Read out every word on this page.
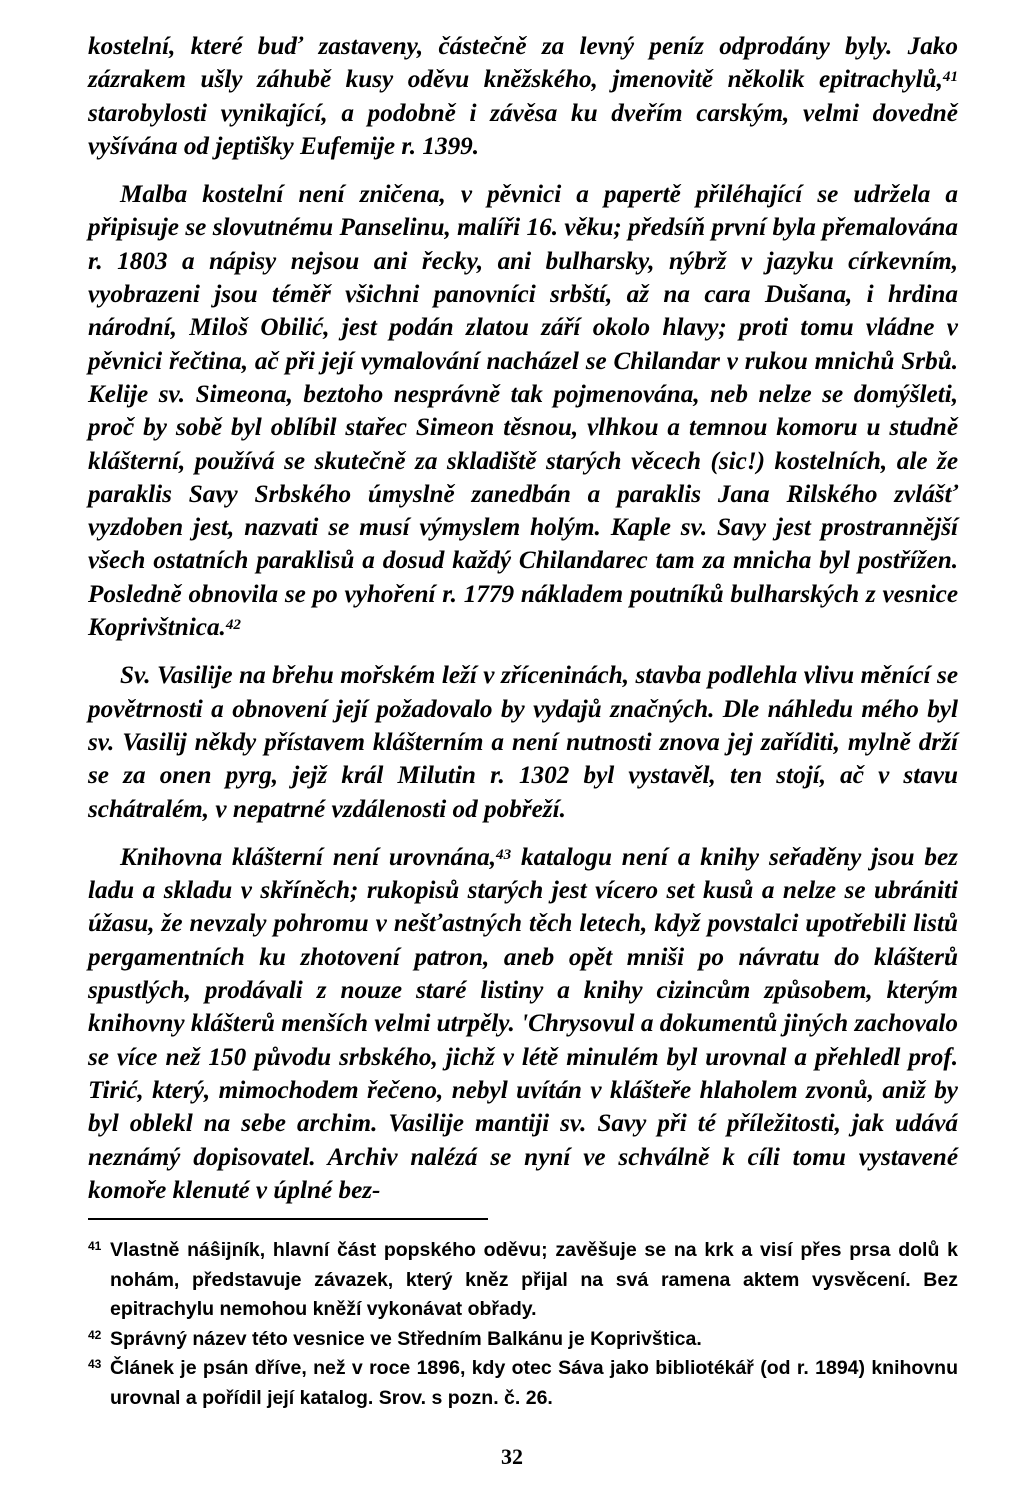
kostelní, které buď zastaveny, částečně za levný peníz odprodány byly. Jako zázrakem ušly záhubě kusy oděvu kněžského, jmenovitě několik epitrachylů,$^{41}$ starobylosti vynikající, a podobně i závěsa ku dveřím carským, velmi dovedně vyšívána od jeptišky Eufemije r. 1399.

Malba kostelní není zničena, v pěvnici a papertě přiléhající se udržela a připisuje se slovutnému Panselinu, malíři 16. věku; předsíň první byla přemalována r. 1803 a nápisy nejsou ani řecky, ani bulharsky, nýbrž v jazyku církevním, vyobrazeni jsou téměř všichni panovníci srbští, až na cara Dušana, i hrdina národní, Miloš Obilić, jest podán zlatou září okolo hlavy; proti tomu vládne v pěvnici řečtina, ač při její vymalování nacházel se Chilandar v rukou mnichů Srbů. Kelije sv. Simeona, beztoho nesprávně tak pojmenována, neb nelze se domýšleti, proč by sobě byl oblíbil stařec Simeon těsnou, vlhkou a temnou komoru u studně klášterní, používá se skutečně za skladiště starých věcech (sic!) kostelních, ale že paraklis Savy Srbského úmyslně zanedbán a paraklis Jana Rilského zvlášť vyzdoben jest, nazvati se musí výmyslem holým. Kaple sv. Savy jest prostrannější všech ostatních paraklisů a dosud každý Chilandarec tam za mnicha byl postřížen. Posledně obnovila se po vyhoření r. 1779 nákladem poutníků bulharských z vesnice Koprivštnica.$^{42}$

Sv. Vasilije na břehu mořském leží v zříceninách, stavba podlehla vlivu měnící se povětrnosti a obnovení její požadovalo by vydajů značných. Dle náhledu mého byl sv. Vasilij někdy přístavem klášterním a není nutnosti znova jej zaříditi, mylně drží se za onen pyrg, jejž král Milutin r. 1302 byl vystavěl, ten stojí, ač v stavu schátralém, v nepatrné vzdálenosti od pobřeží.

Knihovna klášterní není urovnána,$^{43}$ katalogu není a knihy seřaděny jsou bez ladu a skladu v skříněch; rukopisů starých jest vícero set kusů a nelze se ubrániti úžasu, že nevzaly pohromu v nešťastných těch letech, když povstalci upotřebili listů pergamentních ku zhotovení patron, aneb opět mniši po návratu do klášterů spustlých, prodávali z nouze staré listiny a knihy cizincům způsobem, kterým knihovny klášterů menších velmi utrpěly. 'Chrysovul a dokumentů jiných zachovalo se více než 150 původu srbského, jichž v létě minulém byl urovnal a přehledl prof. Tirić, který, mimochodem řečeno, nebyl uvítán v klášteře hlaholem zvonů, aniž by byl oblekl na sebe archim. Vasilije mantiji sv. Savy při té příležitosti, jak udává neznámý dopisovatel. Archiv nalézá se nyní ve schválně k cíli tomu vystavené komoře klenuté v úplné bez-

41 Vlastně náŝijník, hlavní část popského oděvu; zavěšuje se na krk a visí přes prsa dolů k nohám, představuje závazek, který kněz přijal na svá ramena aktem vysvěcení. Bez epitrachylu nemohou kněží vykonávat obřady.
42 Správný název této vesnice ve Středním Balkánu je Koprivštica.
43 Článek je psán dříve, než v roce 1896, kdy otec Sáva jako bibliotékář (od r. 1894) knihovnu urovnal a pořídil její katalog. Srov. s pozn. č. 26.
32
